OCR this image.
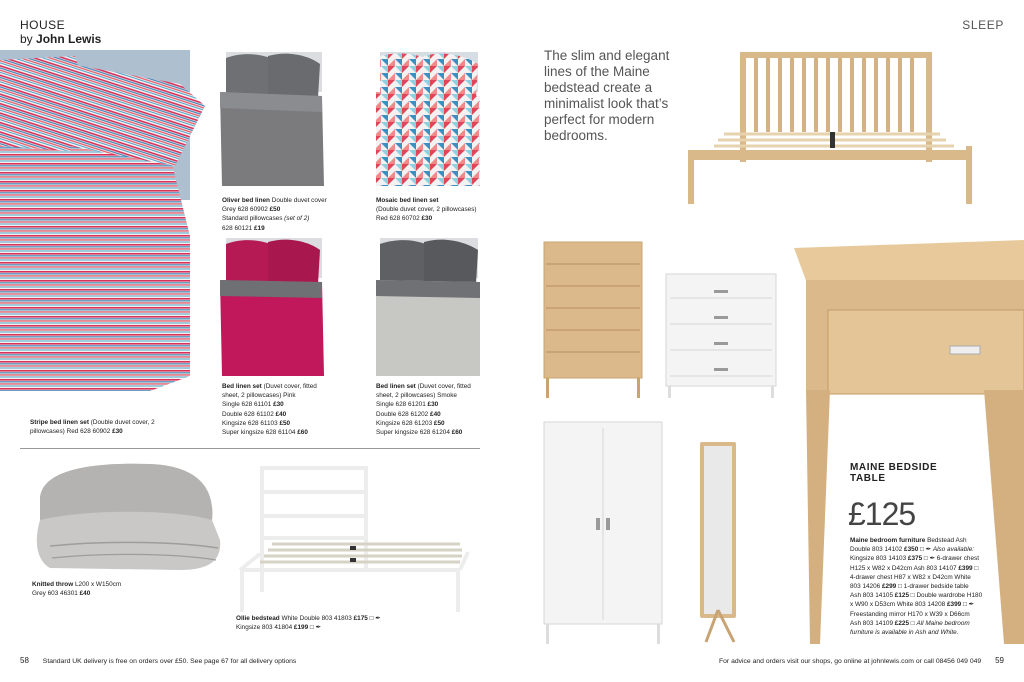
HOUSE
by John Lewis
SLEEP
Stripe bed linen set (Double duvet cover, 2 pillowcases) Red 628 60902 £30
Oliver bed linen Double duvet cover Grey 628 60902 £50
Standard pillowcases (set of 2)
628 60121 £19
Mosaic bed linen set
(Double duvet cover, 2 pillowcases)
Red 628 60702 £30
Bed linen set (Duvet cover, fitted sheet, 2 pillowcases) Pink
Single 628 61101 £30
Double 628 61102 £40
Kingsize 628 61103 £50
Super kingsize 628 61104 £60
Bed linen set (Duvet cover, fitted sheet, 2 pillowcases) Smoke
Single 628 61201 £30
Double 628 61202 £40
Kingsize 628 61203 £50
Super kingsize 628 61204 £60
Knitted throw L200 x W150cm
Grey 603 46301 £40
Ollie bedstead White Double 803 41803 £175 □ ✒
Kingsize 803 41804 £199 □ ✒
The slim and elegant lines of the Maine bedstead create a minimalist look that’s perfect for modern bedrooms.
MAINE BEDSIDE TABLE
£125
Maine bedroom furniture Bedstead Ash
Double 803 14102 £350 □ ✒ Also available:
Kingsize 803 14103 £375 □ ✒ 6-drawer chest
H125 x W82 x D42cm Ash 803 14107 £399 □
4-drawer chest H87 x W82 x D42cm White
803 14206 £299 □ 1-drawer bedside table
Ash 803 14105 £125 □ Double wardrobe H180
x W90 x D53cm White 803 14208 £399 □ ✒
Freestanding mirror H170 x W39 x D66cm
Ash 803 14109 £225 □ All Maine bedroom
furniture is available in Ash and White.
58 Standard UK delivery is free on orders over £50. See page 67 for all delivery options	For advice and orders visit our shops, go online at johnlewis.com or call 08456 049 049 59
